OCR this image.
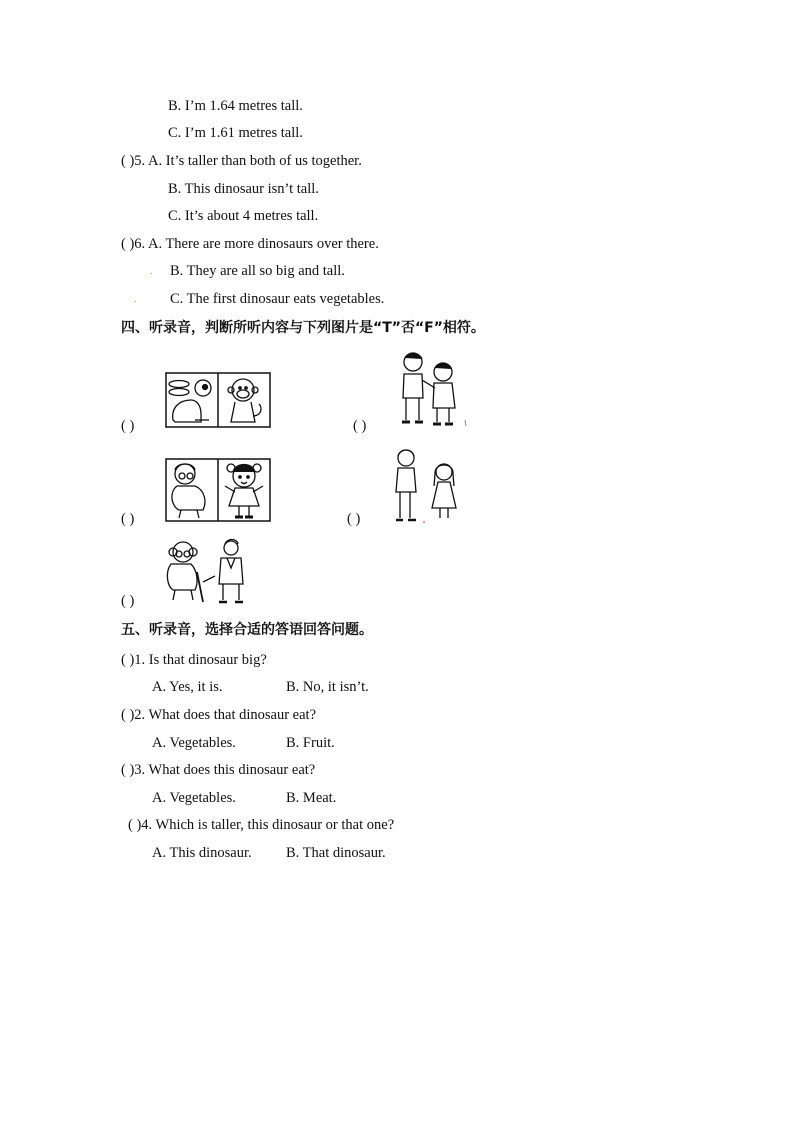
B. I’m 1.64 metres tall.
C. I’m 1.61 metres tall.
( )5. A. It’s taller than both of us together.
B. This dinosaur isn’t tall.
C. It’s about 4 metres tall.
( )6. A. There are more dinosaurs over there.
. B. They are all so big and tall.
. C. The first dinosaur eats vegetables.
四、听录音，判断所听内容与下列图片是“T”否“F”相符。
( )	( )
( )	( )
( )
五、听录音，选择合适的答语回答问题。
( )1. Is that dinosaur big?
A. Yes, it is.	B. No, it isn’t.
( )2. What does that dinosaur eat?
A. Vegetables.	B. Fruit.
( )3. What does this dinosaur eat?
A. Vegetables.	B. Meat.
( )4. Which is taller, this dinosaur or that one?
A. This dinosaur. B. That dinosaur.
